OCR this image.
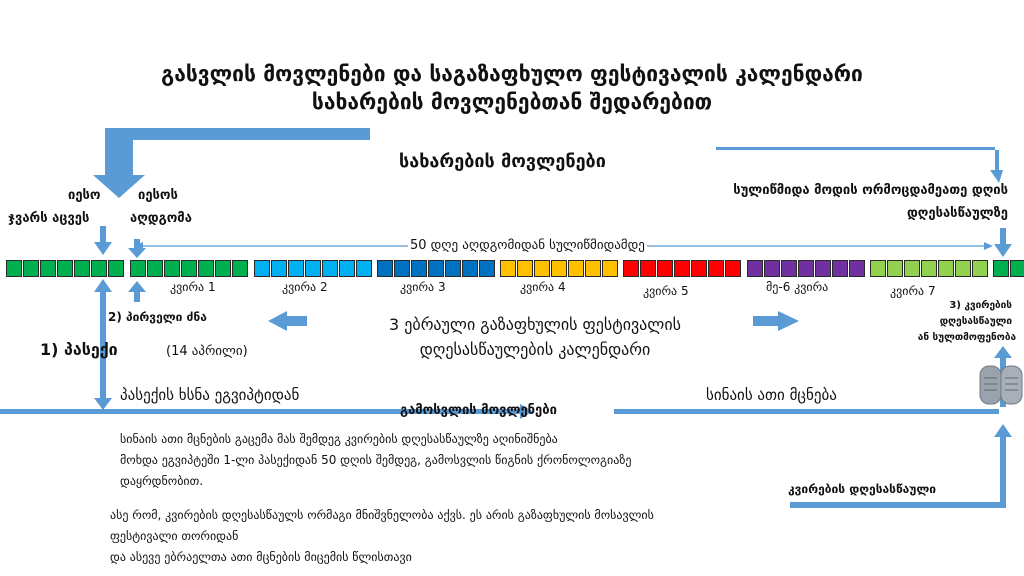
გასვლის მოვლენები და საგაზაფხულო ფესტივალის კალენდარი
სახარების მოვლენებთან შედარებით
სახარების მოვლენები
იესო
ჯვარს აცვეს
იესოს
აღდგომა
სულიწმიდა მოდის ორმოცდამეათე დღის
დღესასწაულზე
50 დღე აღდგომიდან სულიწმიდამდე
კვირა 1	კვირა 2	კვირა 3	კვირა 4	კვირა 5	მე-6 კვირა	კვირა 7
2) პირველი ძნა
1) პასექი	(14 აპრილი)
3 ებრაული გაზაფხულის ფესტივალის
დღესასწაულების კალენდარი
3) კვირების
დღესასწაული
ან სულთმოფენობა
პასექის ხსნა ეგვიპტიდან
გამოსვლის მოვლენები
სინაის ათი მცნება
სინაის ათი მცნების გაცემა მას შემდეგ კვირების დღესასწაულზე აღინიშნება
მოხდა ეგვიპტეში 1-ლი პასექიდან 50 დღის შემდეგ, გამოსვლის წიგნის ქრონოლოგიაზე
დაყრდნობით.
ასე რომ, კვირების დღესასწაულს ორმაგი მნიშვნელობა აქვს. ეს არის გაზაფხულის მოსავლის
ფესტივალი თორიდან
და ასევე ებრაელთა ათი მცნების მიცემის წლისთავი
კვირების დღესასწაული
